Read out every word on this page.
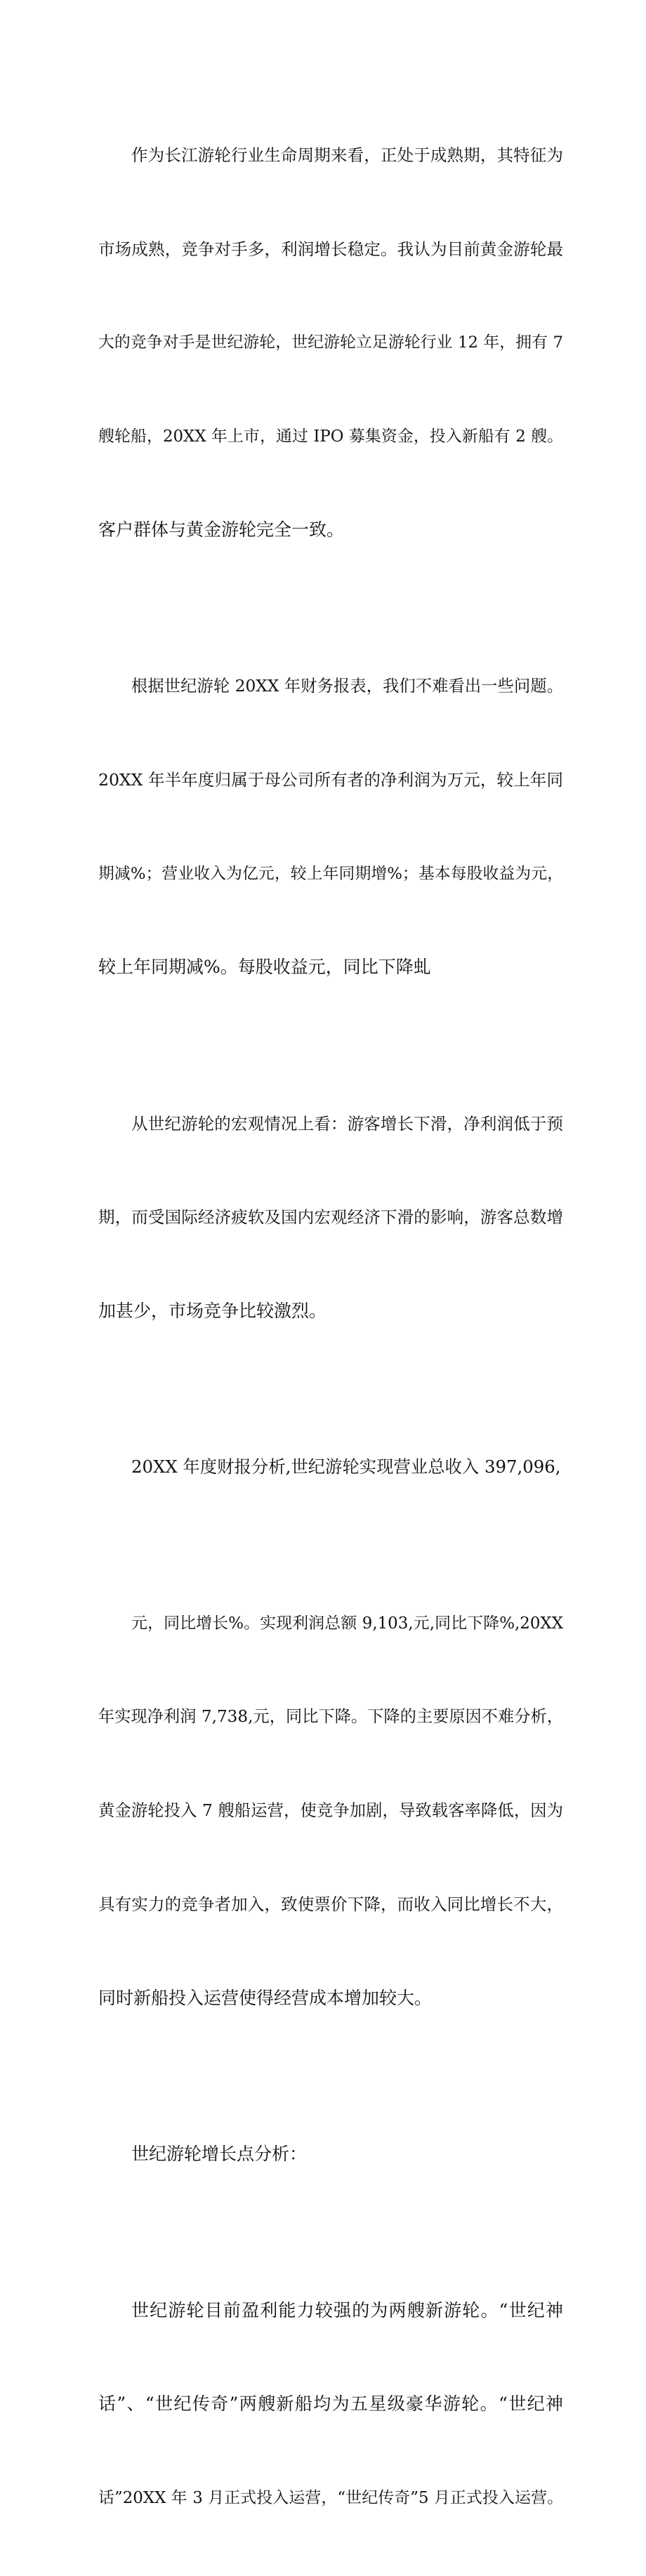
作为长江游轮行业生命周期来看，正处于成熟期，其特征为

市场成熟，竞争对手多，利润增长稳定。我认为目前黄金游轮最

大的竞争对手是世纪游轮，世纪游轮立足游轮行业 12 年，拥有 7

艘轮船，20XX 年上市，通过 IPO 募集资金，投入新船有 2 艘。

客户群体与黄金游轮完全一致。

根据世纪游轮 20XX 年财务报表，我们不难看出一些问题。

20XX 年半年度归属于母公司所有者的净利润为万元，较上年同

期减%；营业收入为亿元，较上年同期增%；基本每股收益为元，

较上年同期减%。每股收益元，同比下降虬

从世纪游轮的宏观情况上看：游客增长下滑，净利润低于预

期，而受国际经济疲软及国内宏观经济下滑的影响，游客总数增

加甚少，市场竞争比较激烈。

20XX 年度财报分析,世纪游轮实现营业总收入 397,096,

元，同比增长%。实现利润总额 9,103,元,同比下降%,20XX

年实现净利润 7,738,元，同比下降。下降的主要原因不难分析，

黄金游轮投入 7 艘船运营，使竞争加剧，导致载客率降低，因为

具有实力的竞争者加入，致使票价下降，而收入同比增长不大，

同时新船投入运营使得经营成本增加较大。

世纪游轮增长点分析：

世纪游轮目前盈利能力较强的为两艘新游轮。“世纪神

话”、“世纪传奇”两艘新船均为五星级豪华游轮。“世纪神

话”20XX 年 3 月正式投入运营，“世纪传奇”5 月正式投入运营。
